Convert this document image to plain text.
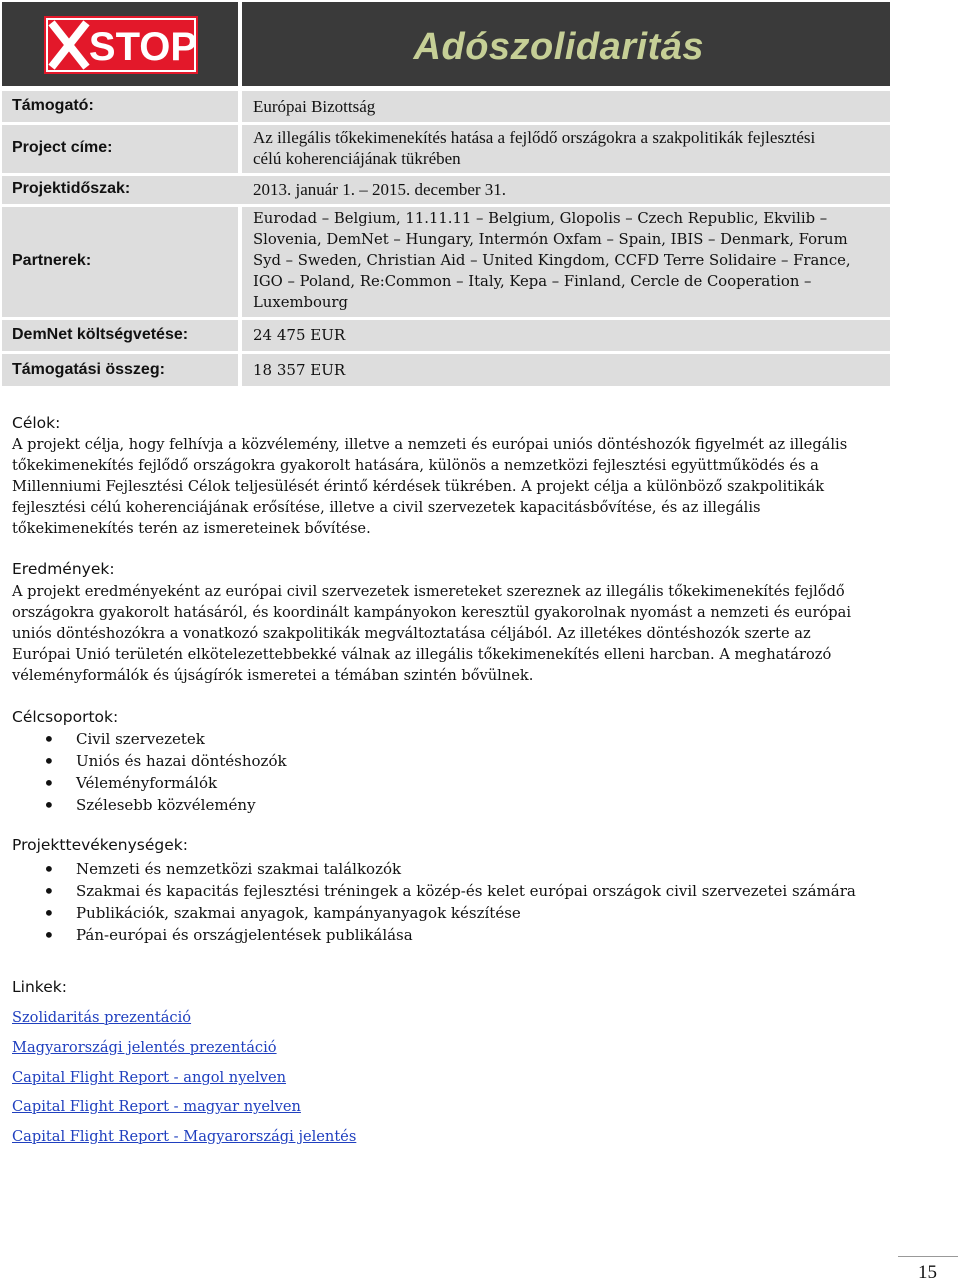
STOP	Adószolidaritás
Támogató:	Európai Bizottság
Project címe:
Az illegális tőkekimenekítés hatása a fejlődő országokra a szakpolitikák fejlesztési
célú koherenciájának tükrében
Projektidőszak:	2013. január 1. – 2015. december 31.
Partnerek:
Eurodad – Belgium, 11.11.11 – Belgium, Glopolis – Czech Republic, Ekvilib –
Slovenia, DemNet – Hungary, Intermón Oxfam – Spain, IBIS – Denmark, Forum
Syd – Sweden, Christian Aid – United Kingdom, CCFD Terre Solidaire – France,
IGO – Poland, Re:Common – Italy, Kepa – Finland, Cercle de Cooperation –
Luxembourg
DemNet költségvetése:	24 475 EUR
Támogatási összeg:	18 357 EUR
Célok:
A projekt célja, hogy felhívja a közvélemény, illetve a nemzeti és európai uniós döntéshozók figyelmét az illegális
tőkekimenekítés fejlődő országokra gyakorolt hatására, különös a nemzetközi fejlesztési együttműködés és a
Millenniumi Fejlesztési Célok teljesülését érintő kérdések tükrében. A projekt célja a különböző szakpolitikák
fejlesztési célú koherenciájának erősítése, illetve a civil szervezetek kapacitásbővítése, és az illegális
tőkekimenekítés terén az ismereteinek bővítése.
Eredmények:
A projekt eredményeként az európai civil szervezetek ismereteket szereznek az illegális tőkekimenekítés fejlődő
országokra gyakorolt hatásáról, és koordinált kampányokon keresztül gyakorolnak nyomást a nemzeti és európai
uniós döntéshozókra a vonatkozó szakpolitikák megváltoztatása céljából. Az illetékes döntéshozók szerte az
Európai Unió területén elkötelezettebbekké válnak az illegális tőkekimenekítés elleni harcban. A meghatározó
véleményformálók és újságírók ismeretei a témában szintén bővülnek.
Célcsoportok:
• Civil szervezetek
• Uniós és hazai döntéshozók
• Véleményformálók
• Szélesebb közvélemény
Projekttevékenységek:
• Nemzeti és nemzetközi szakmai találkozók
• Szakmai és kapacitás fejlesztési tréningek a közép-és kelet európai országok civil szervezetei számára
• Publikációk, szakmai anyagok, kampányanyagok készítése
• Pán-európai és országjelentések publikálása
Linkek:
Szolidaritás prezentáció
Magyarországi jelentés prezentáció
Capital Flight Report - angol nyelven
Capital Flight Report - magyar nyelven
Capital Flight Report - Magyarországi jelentés
15
